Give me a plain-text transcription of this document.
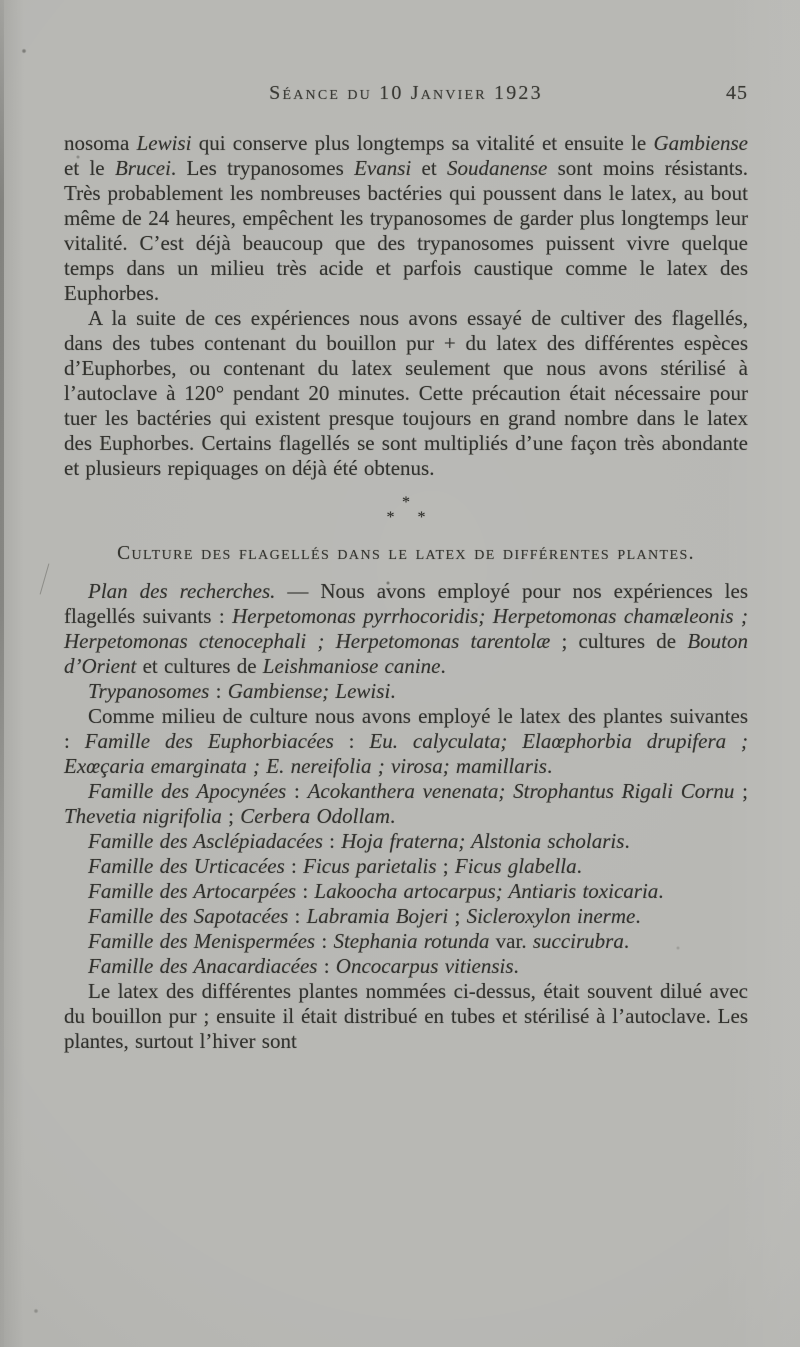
Séance du 10 Janvier 1923	45

nosoma Lewisi qui conserve plus longtemps sa vitalité et ensuite le Gambiense et le Brucei. Les trypanosomes Evansi et Soudanense sont moins résistants. Très probablement les nombreuses bactéries qui poussent dans le latex, au bout même de 24 heures, empêchent les trypanosomes de garder plus longtemps leur vitalité. C’est déjà beaucoup que des trypanosomes puissent vivre quelque temps dans un milieu très acide et parfois caustique comme le latex des Euphorbes.

A la suite de ces expériences nous avons essayé de cultiver des flagellés, dans des tubes contenant du bouillon pur + du latex des différentes espèces d’Euphorbes, ou contenant du latex seulement que nous avons stérilisé à l’autoclave à 120° pendant 20 minutes. Cette précaution était nécessaire pour tuer les bactéries qui existent presque toujours en grand nombre dans le latex des Euphorbes. Certains flagellés se sont multipliés d’une façon très abondante et plusieurs repiquages on déjà été obtenus.

*
* *
Culture des flagellés dans le latex de différentes plantes.

Plan des recherches. — Nous avons employé pour nos expériences les flagellés suivants : Herpetomonas pyrrhocoridis; Herpetomonas chamæleonis ; Herpetomonas ctenocephali ; Herpetomonas tarentolæ ; cultures de Bouton d’Orient et cultures de Leishmaniose canine.

Trypanosomes : Gambiense; Lewisi.

Comme milieu de culture nous avons employé le latex des plantes suivantes : Famille des Euphorbiacées : Eu. calyculata; Elaœphorbia drupifera ; Exœçaria emarginata ; E. nereifolia ; virosa; mamillaris.

Famille des Apocynées : Acokanthera venenata; Strophantus Rigali Cornu ; Thevetia nigrifolia ; Cerbera Odollam.

Famille des Asclépiadacées : Hoja fraterna; Alstonia scholaris.

Famille des Urticacées : Ficus parietalis ; Ficus glabella.

Famille des Artocarpées : Lakoocha artocarpus; Antiaris toxicaria.

Famille des Sapotacées : Labramia Bojeri ; Sicleroxylon inerme.

Famille des Menispermées : Stephania rotunda var. succirubra.

Famille des Anacardiacées : Oncocarpus vitiensis.

Le latex des différentes plantes nommées ci-dessus, était souvent dilué avec du bouillon pur ; ensuite il était distribué en tubes et stérilisé à l’autoclave. Les plantes, surtout l’hiver sont
